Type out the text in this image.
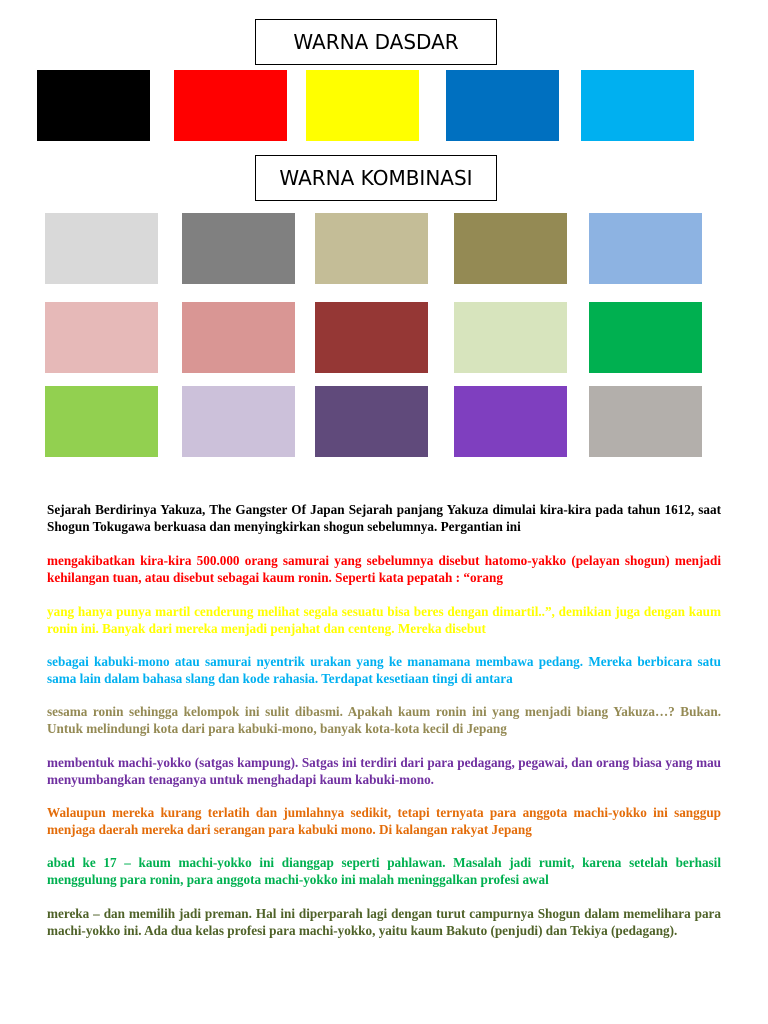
WARNA DASDAR
WARNA KOMBINASI

Sejarah Berdirinya Yakuza, The Gangster Of Japan Sejarah panjang Yakuza dimulai kira-kira pada tahun 1612, saat Shogun Tokugawa berkuasa dan menyingkirkan shogun sebelumnya. Pergantian ini

mengakibatkan kira-kira 500.000 orang samurai yang sebelumnya disebut hatomo-yakko (pelayan shogun) menjadi kehilangan tuan, atau disebut sebagai kaum ronin. Seperti kata pepatah : “orang

yang hanya punya martil cenderung melihat segala sesuatu bisa beres dengan dimartil..”, demikian juga dengan kaum ronin ini. Banyak dari mereka menjadi penjahat dan centeng. Mereka disebut

sebagai kabuki-mono atau samurai nyentrik urakan yang ke manamana membawa pedang. Mereka berbicara satu sama lain dalam bahasa slang dan kode rahasia. Terdapat kesetiaan tingi di antara

sesama ronin sehingga kelompok ini sulit dibasmi. Apakah kaum ronin ini yang menjadi biang Yakuza…? Bukan. Untuk melindungi kota dari para kabuki-mono, banyak kota-kota kecil di Jepang

membentuk machi-yokko (satgas kampung). Satgas ini terdiri dari para pedagang, pegawai, dan orang biasa yang mau menyumbangkan tenaganya untuk menghadapi kaum kabuki-mono.

Walaupun mereka kurang terlatih dan jumlahnya sedikit, tetapi ternyata para anggota machi-yokko ini sanggup menjaga daerah mereka dari serangan para kabuki mono. Di kalangan rakyat Jepang

abad ke 17 – kaum machi-yokko ini dianggap seperti pahlawan. Masalah jadi rumit, karena setelah berhasil menggulung para ronin, para anggota machi-yokko ini malah meninggalkan profesi awal

mereka – dan memilih jadi preman. Hal ini diperparah lagi dengan turut campurnya Shogun dalam memelihara para machi-yokko ini. Ada dua kelas profesi para machi-yokko, yaitu kaum Bakuto (penjudi) dan Tekiya (pedagang).
